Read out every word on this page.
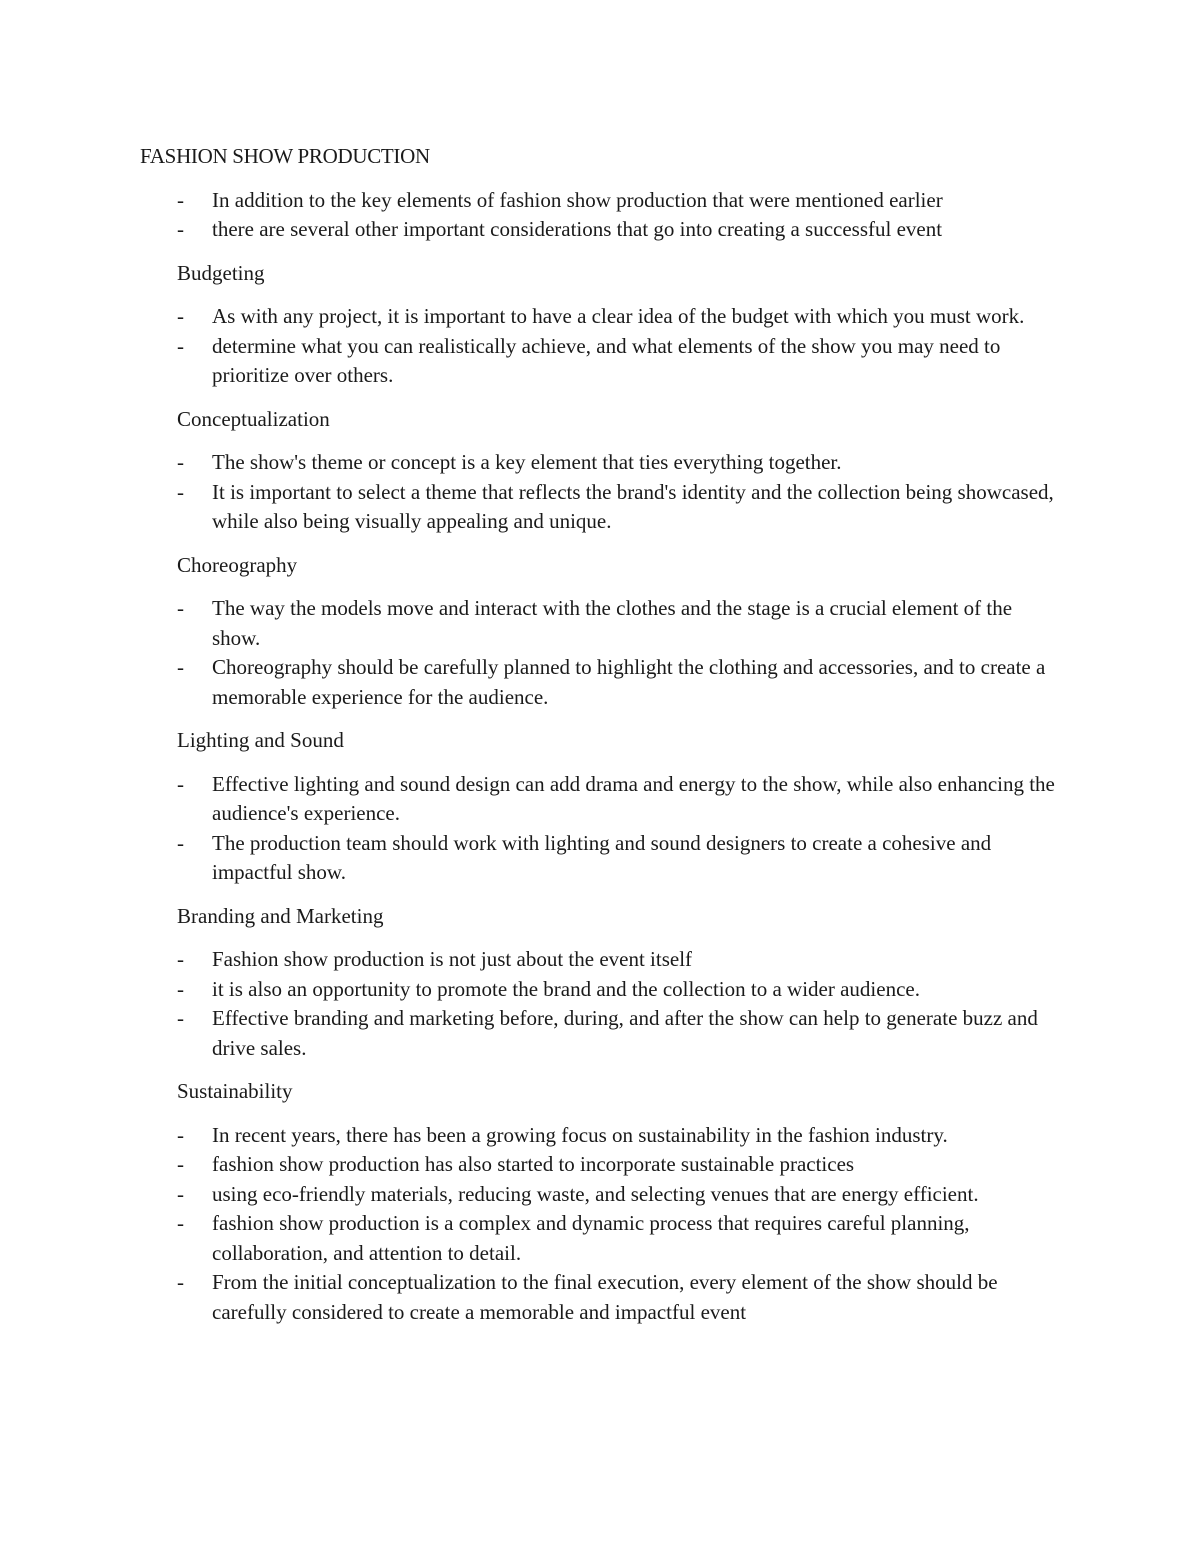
FASHION SHOW PRODUCTION
- In addition to the key elements of fashion show production that were mentioned earlier
- there are several other important considerations that go into creating a successful event
Budgeting
- As with any project, it is important to have a clear idea of the budget with which you must work.
- determine what you can realistically achieve, and what elements of the show you may need to prioritize over others.
Conceptualization
- The show's theme or concept is a key element that ties everything together.
- It is important to select a theme that reflects the brand's identity and the collection being showcased, while also being visually appealing and unique.
Choreography
- The way the models move and interact with the clothes and the stage is a crucial element of the show.
- Choreography should be carefully planned to highlight the clothing and accessories, and to create a memorable experience for the audience.
Lighting and Sound
- Effective lighting and sound design can add drama and energy to the show, while also enhancing the audience's experience.
- The production team should work with lighting and sound designers to create a cohesive and impactful show.
Branding and Marketing
- Fashion show production is not just about the event itself
- it is also an opportunity to promote the brand and the collection to a wider audience.
- Effective branding and marketing before, during, and after the show can help to generate buzz and drive sales.
Sustainability
- In recent years, there has been a growing focus on sustainability in the fashion industry.
- fashion show production has also started to incorporate sustainable practices
- using eco-friendly materials, reducing waste, and selecting venues that are energy efficient.
- fashion show production is a complex and dynamic process that requires careful planning, collaboration, and attention to detail.
- From the initial conceptualization to the final execution, every element of the show should be carefully considered to create a memorable and impactful event
